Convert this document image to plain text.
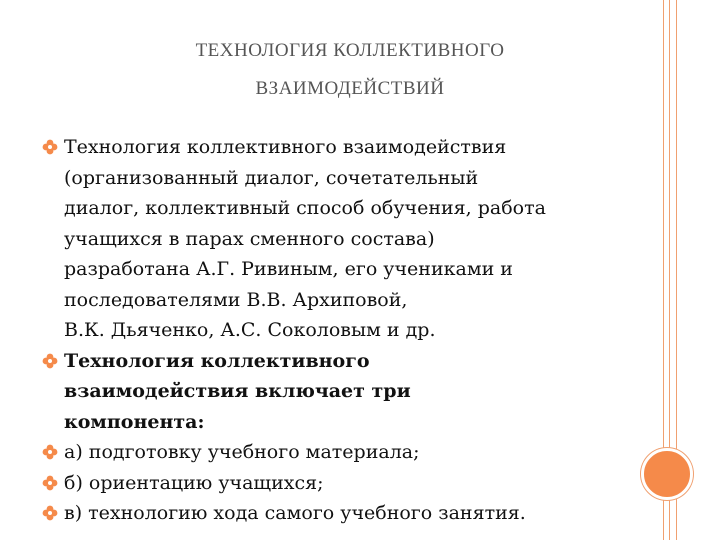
ТЕХНОЛОГИЯ КОЛЛЕКТИВНОГО
ВЗАИМОДЕЙСТВИЙ
Технология коллективного взаимодействия
(организованный диалог, сочетательный
диалог, коллективный способ обучения, работа
учащихся в парах сменного состава)
разработана А.Г. Ривиным, его учениками и
последователями В.В. Архиповой,
В.К. Дьяченко, А.С. Соколовым и др.
Технология коллективного
взаимодействия включает три
компонента:
а) подготовку учебного материала;
б) ориентацию учащихся;
в) технологию хода самого учебного занятия.
